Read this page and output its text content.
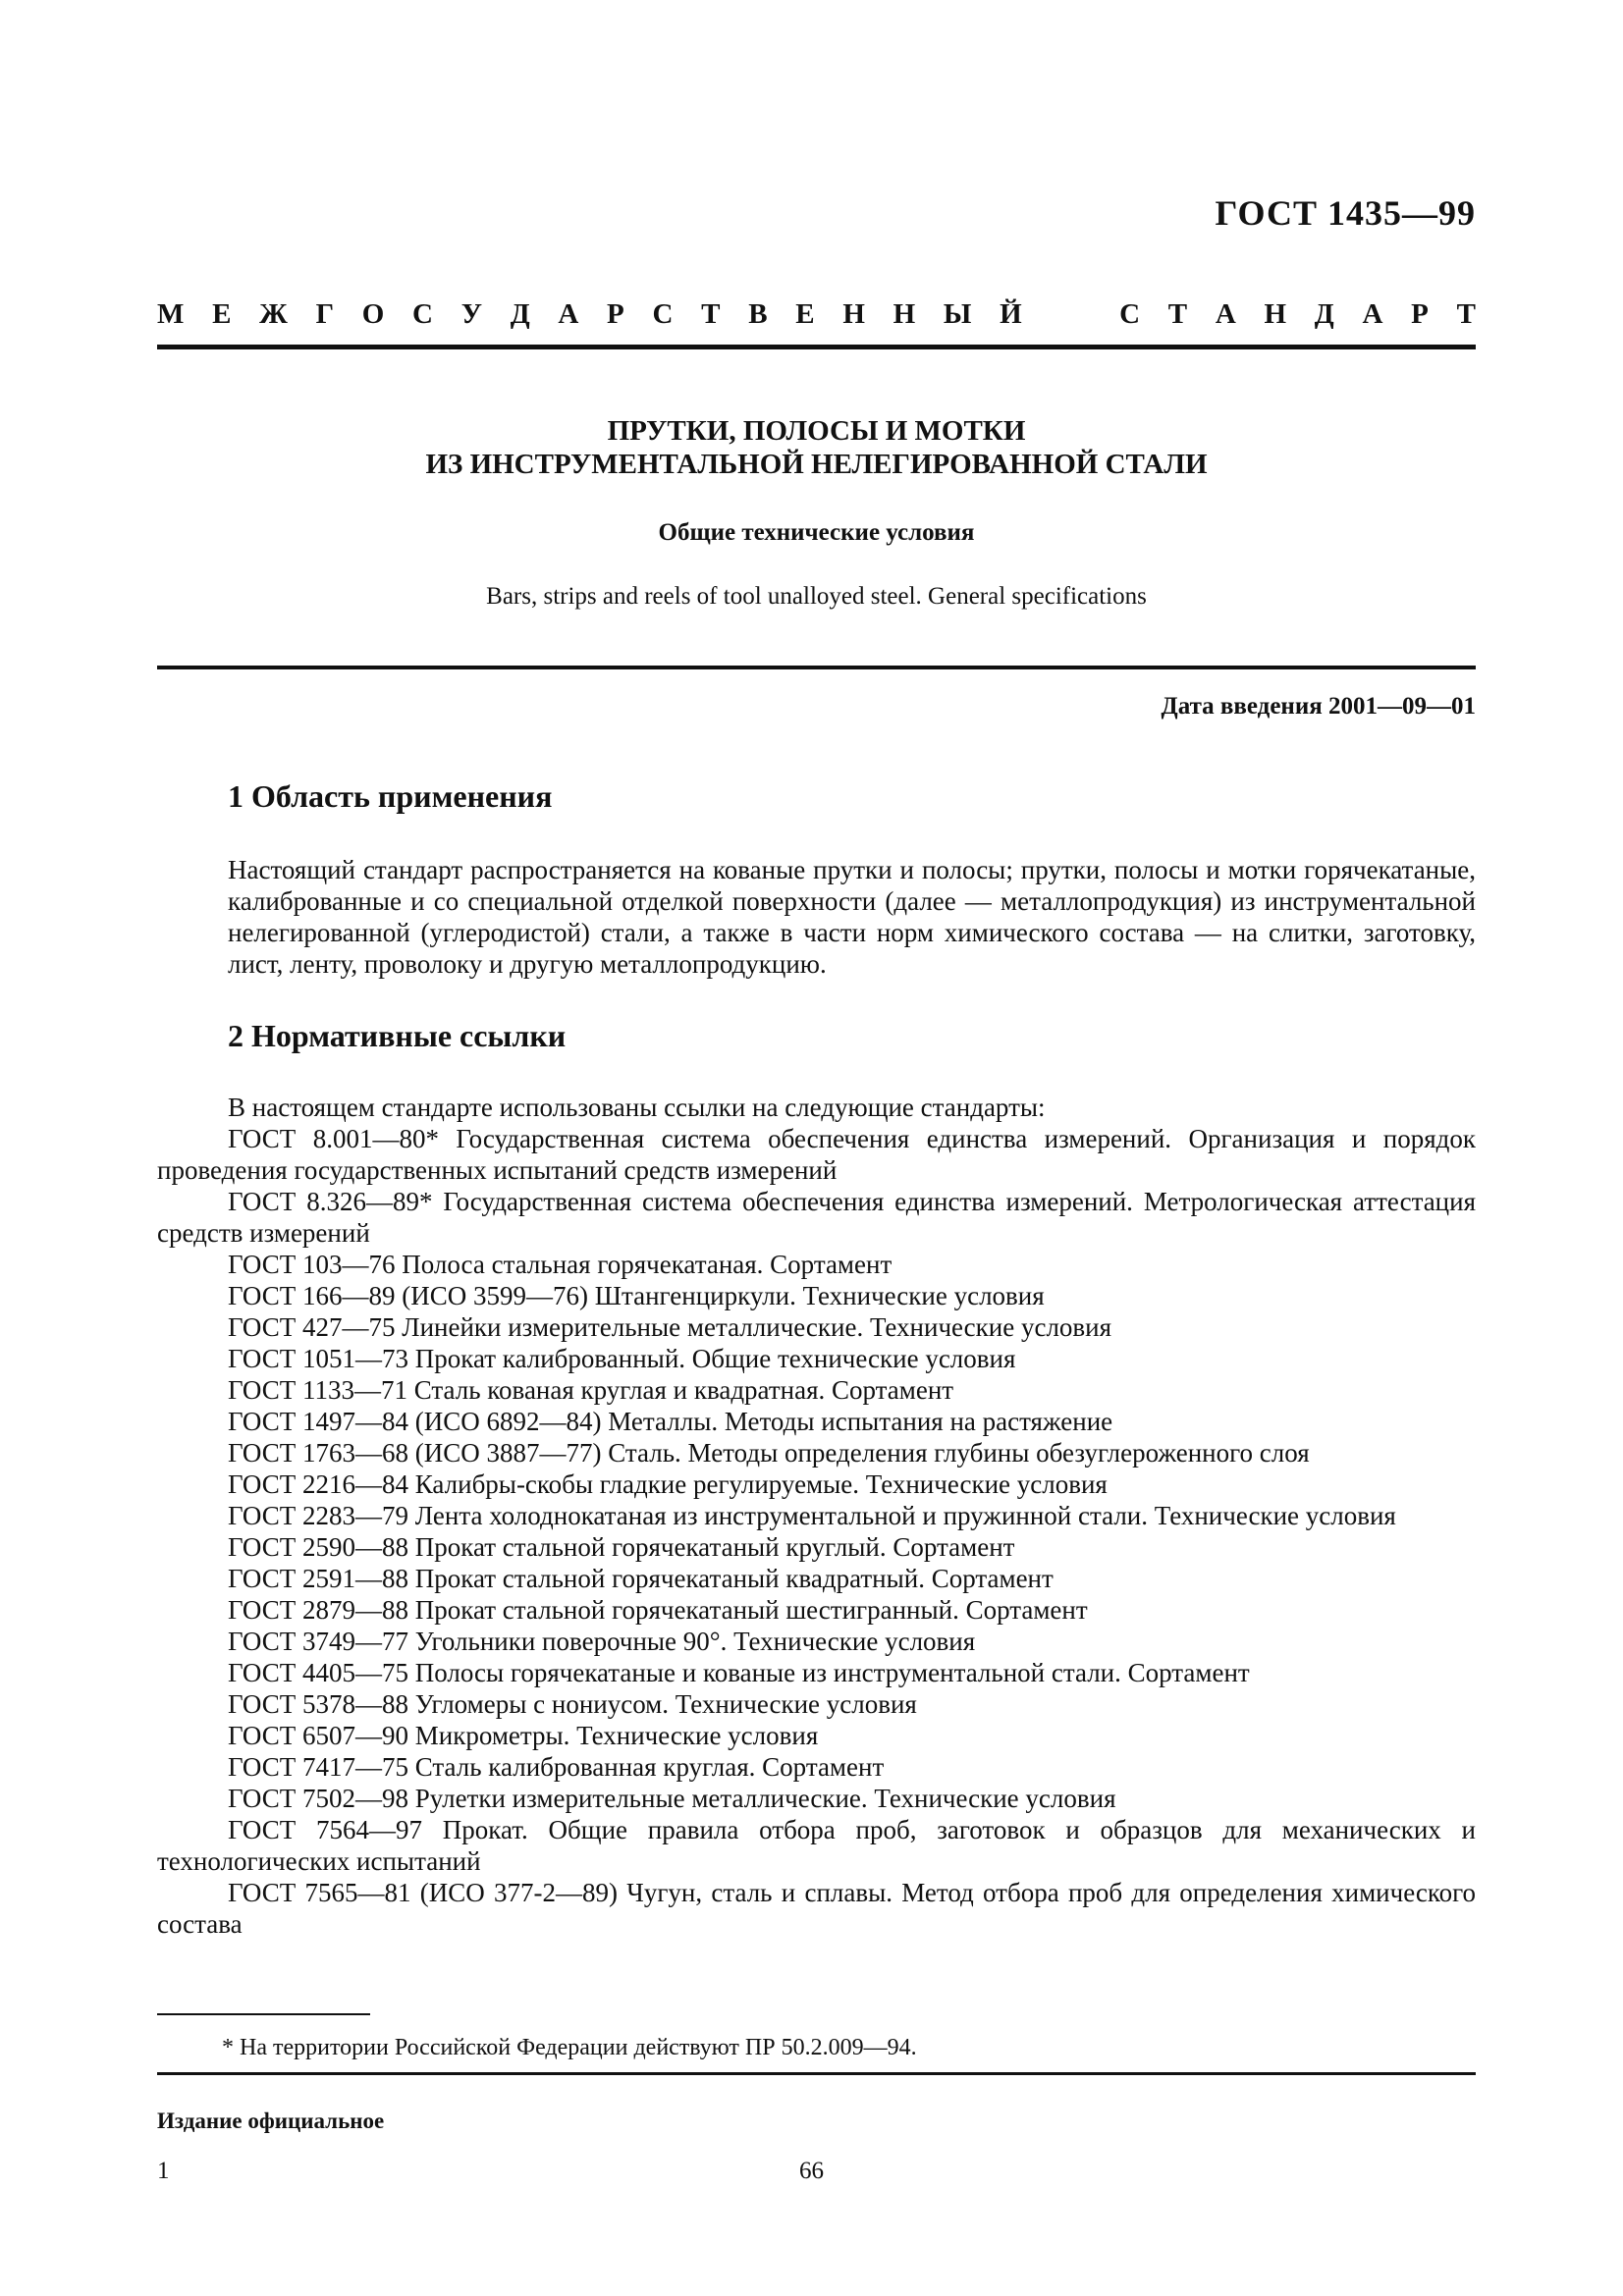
ГОСТ 1435—99
М Е Ж Г О С У Д А Р С Т В Е Н Н Ы Й	С Т А Н Д А Р Т
ПРУТКИ, ПОЛОСЫ И МОТКИ
ИЗ ИНСТРУМЕНТАЛЬНОЙ НЕЛЕГИРОВАННОЙ СТАЛИ
Общие технические условия
Bars, strips and reels of tool unalloyed steel. General specifications
Дата введения 2001—09—01
1 Область применения
Настоящий стандарт распространяется на кованые прутки и полосы; прутки, полосы и мотки горячекатаные, калиброванные и со специальной отделкой поверхности (далее — металлопродукция) из инструментальной нелегированной (углеродистой) стали, а также в части норм химического состава — на слитки, заготовку, лист, ленту, проволоку и другую металлопродукцию.
2 Нормативные ссылки
В настоящем стандарте использованы ссылки на следующие стандарты:
ГОСТ 8.001—80* Государственная система обеспечения единства измерений. Организация и порядок проведения государственных испытаний средств измерений
ГОСТ 8.326—89* Государственная система обеспечения единства измерений. Метрологическая аттестация средств измерений
ГОСТ 103—76 Полоса стальная горячекатаная. Сортамент
ГОСТ 166—89 (ИСО 3599—76) Штангенциркули. Технические условия
ГОСТ 427—75 Линейки измерительные металлические. Технические условия
ГОСТ 1051—73 Прокат калиброванный. Общие технические условия
ГОСТ 1133—71 Сталь кованая круглая и квадратная. Сортамент
ГОСТ 1497—84 (ИСО 6892—84) Металлы. Методы испытания на растяжение
ГОСТ 1763—68 (ИСО 3887—77) Сталь. Методы определения глубины обезуглероженного слоя
ГОСТ 2216—84 Калибры-скобы гладкие регулируемые. Технические условия
ГОСТ 2283—79 Лента холоднокатаная из инструментальной и пружинной стали. Технические условия
ГОСТ 2590—88 Прокат стальной горячекатаный круглый. Сортамент
ГОСТ 2591—88 Прокат стальной горячекатаный квадратный. Сортамент
ГОСТ 2879—88 Прокат стальной горячекатаный шестигранный. Сортамент
ГОСТ 3749—77 Угольники поверочные 90°. Технические условия
ГОСТ 4405—75 Полосы горячекатаные и кованые из инструментальной стали. Сортамент
ГОСТ 5378—88 Угломеры с нониусом. Технические условия
ГОСТ 6507—90 Микрометры. Технические условия
ГОСТ 7417—75 Сталь калиброванная круглая. Сортамент
ГОСТ 7502—98 Рулетки измерительные металлические. Технические условия
ГОСТ 7564—97 Прокат. Общие правила отбора проб, заготовок и образцов для механических и технологических испытаний
ГОСТ 7565—81 (ИСО 377-2—89) Чугун, сталь и сплавы. Метод отбора проб для определения химического состава
* На территории Российской Федерации действуют ПР 50.2.009—94.
Издание официальное
1	66
